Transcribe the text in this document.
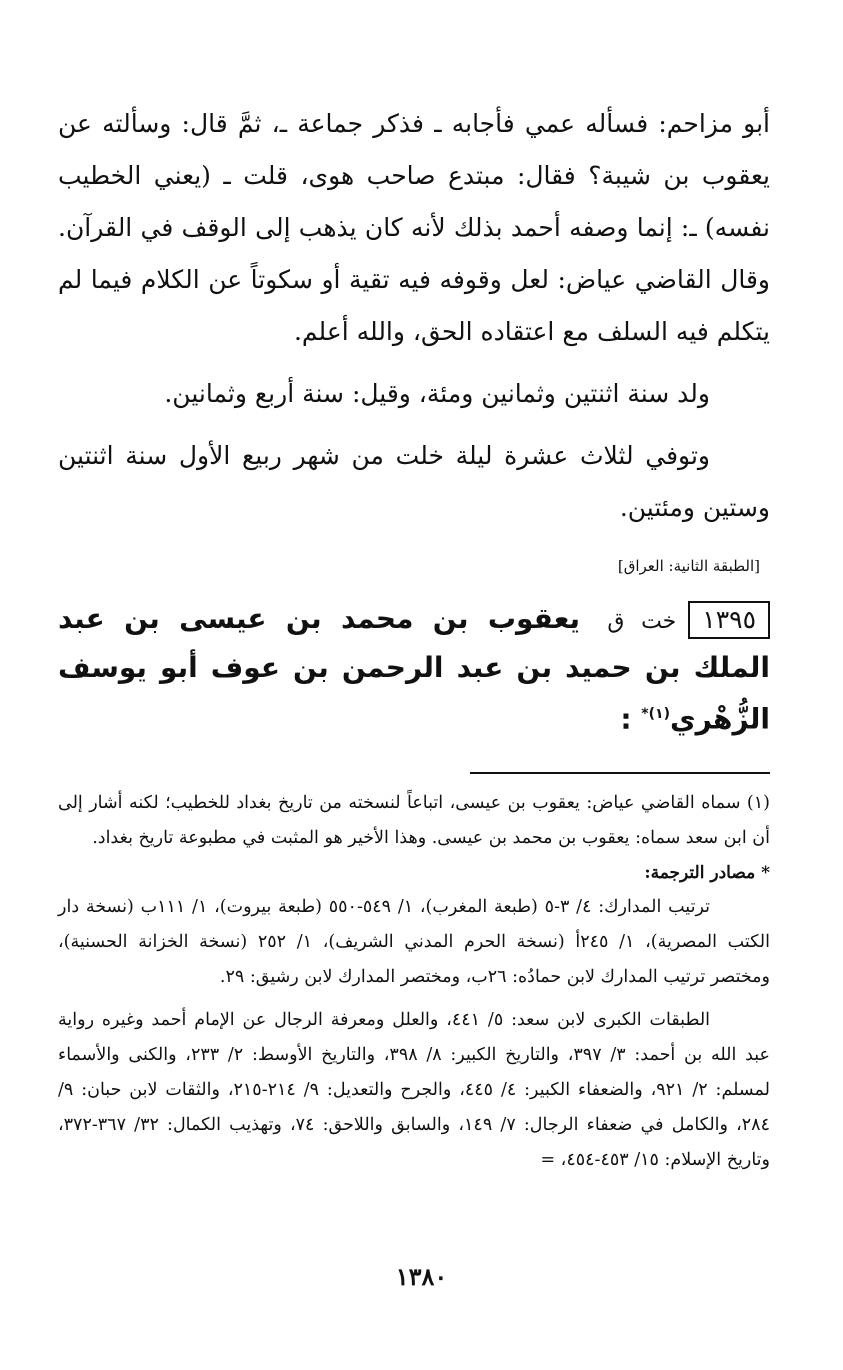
أبو مزاحم: فسأله عمي فأجابه ـ فذكر جماعة ـ، ثمَّ قال: وسألته عن يعقوب بن شيبة؟ فقال: مبتدع صاحب هوى، قلت ـ (يعني الخطيب نفسه) ـ: إنما وصفه أحمد بذلك لأنه كان يذهب إلى الوقف في القرآن. وقال القاضي عياض: لعل وقوفه فيه تقية أو سكوتاً عن الكلام فيما لم يتكلم فيه السلف مع اعتقاده الحق، والله أعلم.

ولد سنة اثنتين وثمانين ومئة، وقيل: سنة أربع وثمانين.

وتوفي لثلاث عشرة ليلة خلت من شهر ربيع الأول سنة اثنتين وستين ومئتين.

[الطبقة الثانية: العراق]

١٣٩٥خت ق يعقوب بن محمد بن عيسى بن عبد الملك بن حميد بن عبد الرحمن بن عوف أبو يوسف الزُّهْري$^{(١)*}$ :

(١) سماه القاضي عياض: يعقوب بن عيسى، اتباعاً لنسخته من تاريخ بغداد للخطيب؛ لكنه أشار إلى أن ابن سعد سماه: يعقوب بن محمد بن عيسى. وهذا الأخير هو المثبت في مطبوعة تاريخ بغداد.

* مصادر الترجمة:

ترتيب المدارك: ٤/ ٣-٥ (طبعة المغرب)، ١/ ٥٤٩-٥٥٠ (طبعة بيروت)، ١/ ١١١ب (نسخة دار الكتب المصرية)، ١/ ٢٤٥أ (نسخة الحرم المدني الشريف)، ١/ ٢٥٢ (نسخة الخزانة الحسنية)، ومختصر ترتيب المدارك لابن حمادُه: ٢٦ب، ومختصر المدارك لابن رشيق: ٢٩.

الطبقات الكبرى لابن سعد: ٥/ ٤٤١، والعلل ومعرفة الرجال عن الإمام أحمد وغيره رواية عبد الله بن أحمد: ٣/ ٣٩٧، والتاريخ الكبير: ٨/ ٣٩٨، والتاريخ الأوسط: ٢/ ٢٣٣، والكنى والأسماء لمسلم: ٢/ ٩٢١، والضعفاء الكبير: ٤/ ٤٤٥، والجرح والتعديل: ٩/ ٢١٤-٢١٥، والثقات لابن حبان: ٩/ ٢٨٤، والكامل في ضعفاء الرجال: ٧/ ١٤٩، والسابق واللاحق: ٧٤، وتهذيب الكمال: ٣٢/ ٣٦٧-٣٧٢، وتاريخ الإسلام: ١٥/ ٤٥٣-٤٥٤، =

١٣٨٠
